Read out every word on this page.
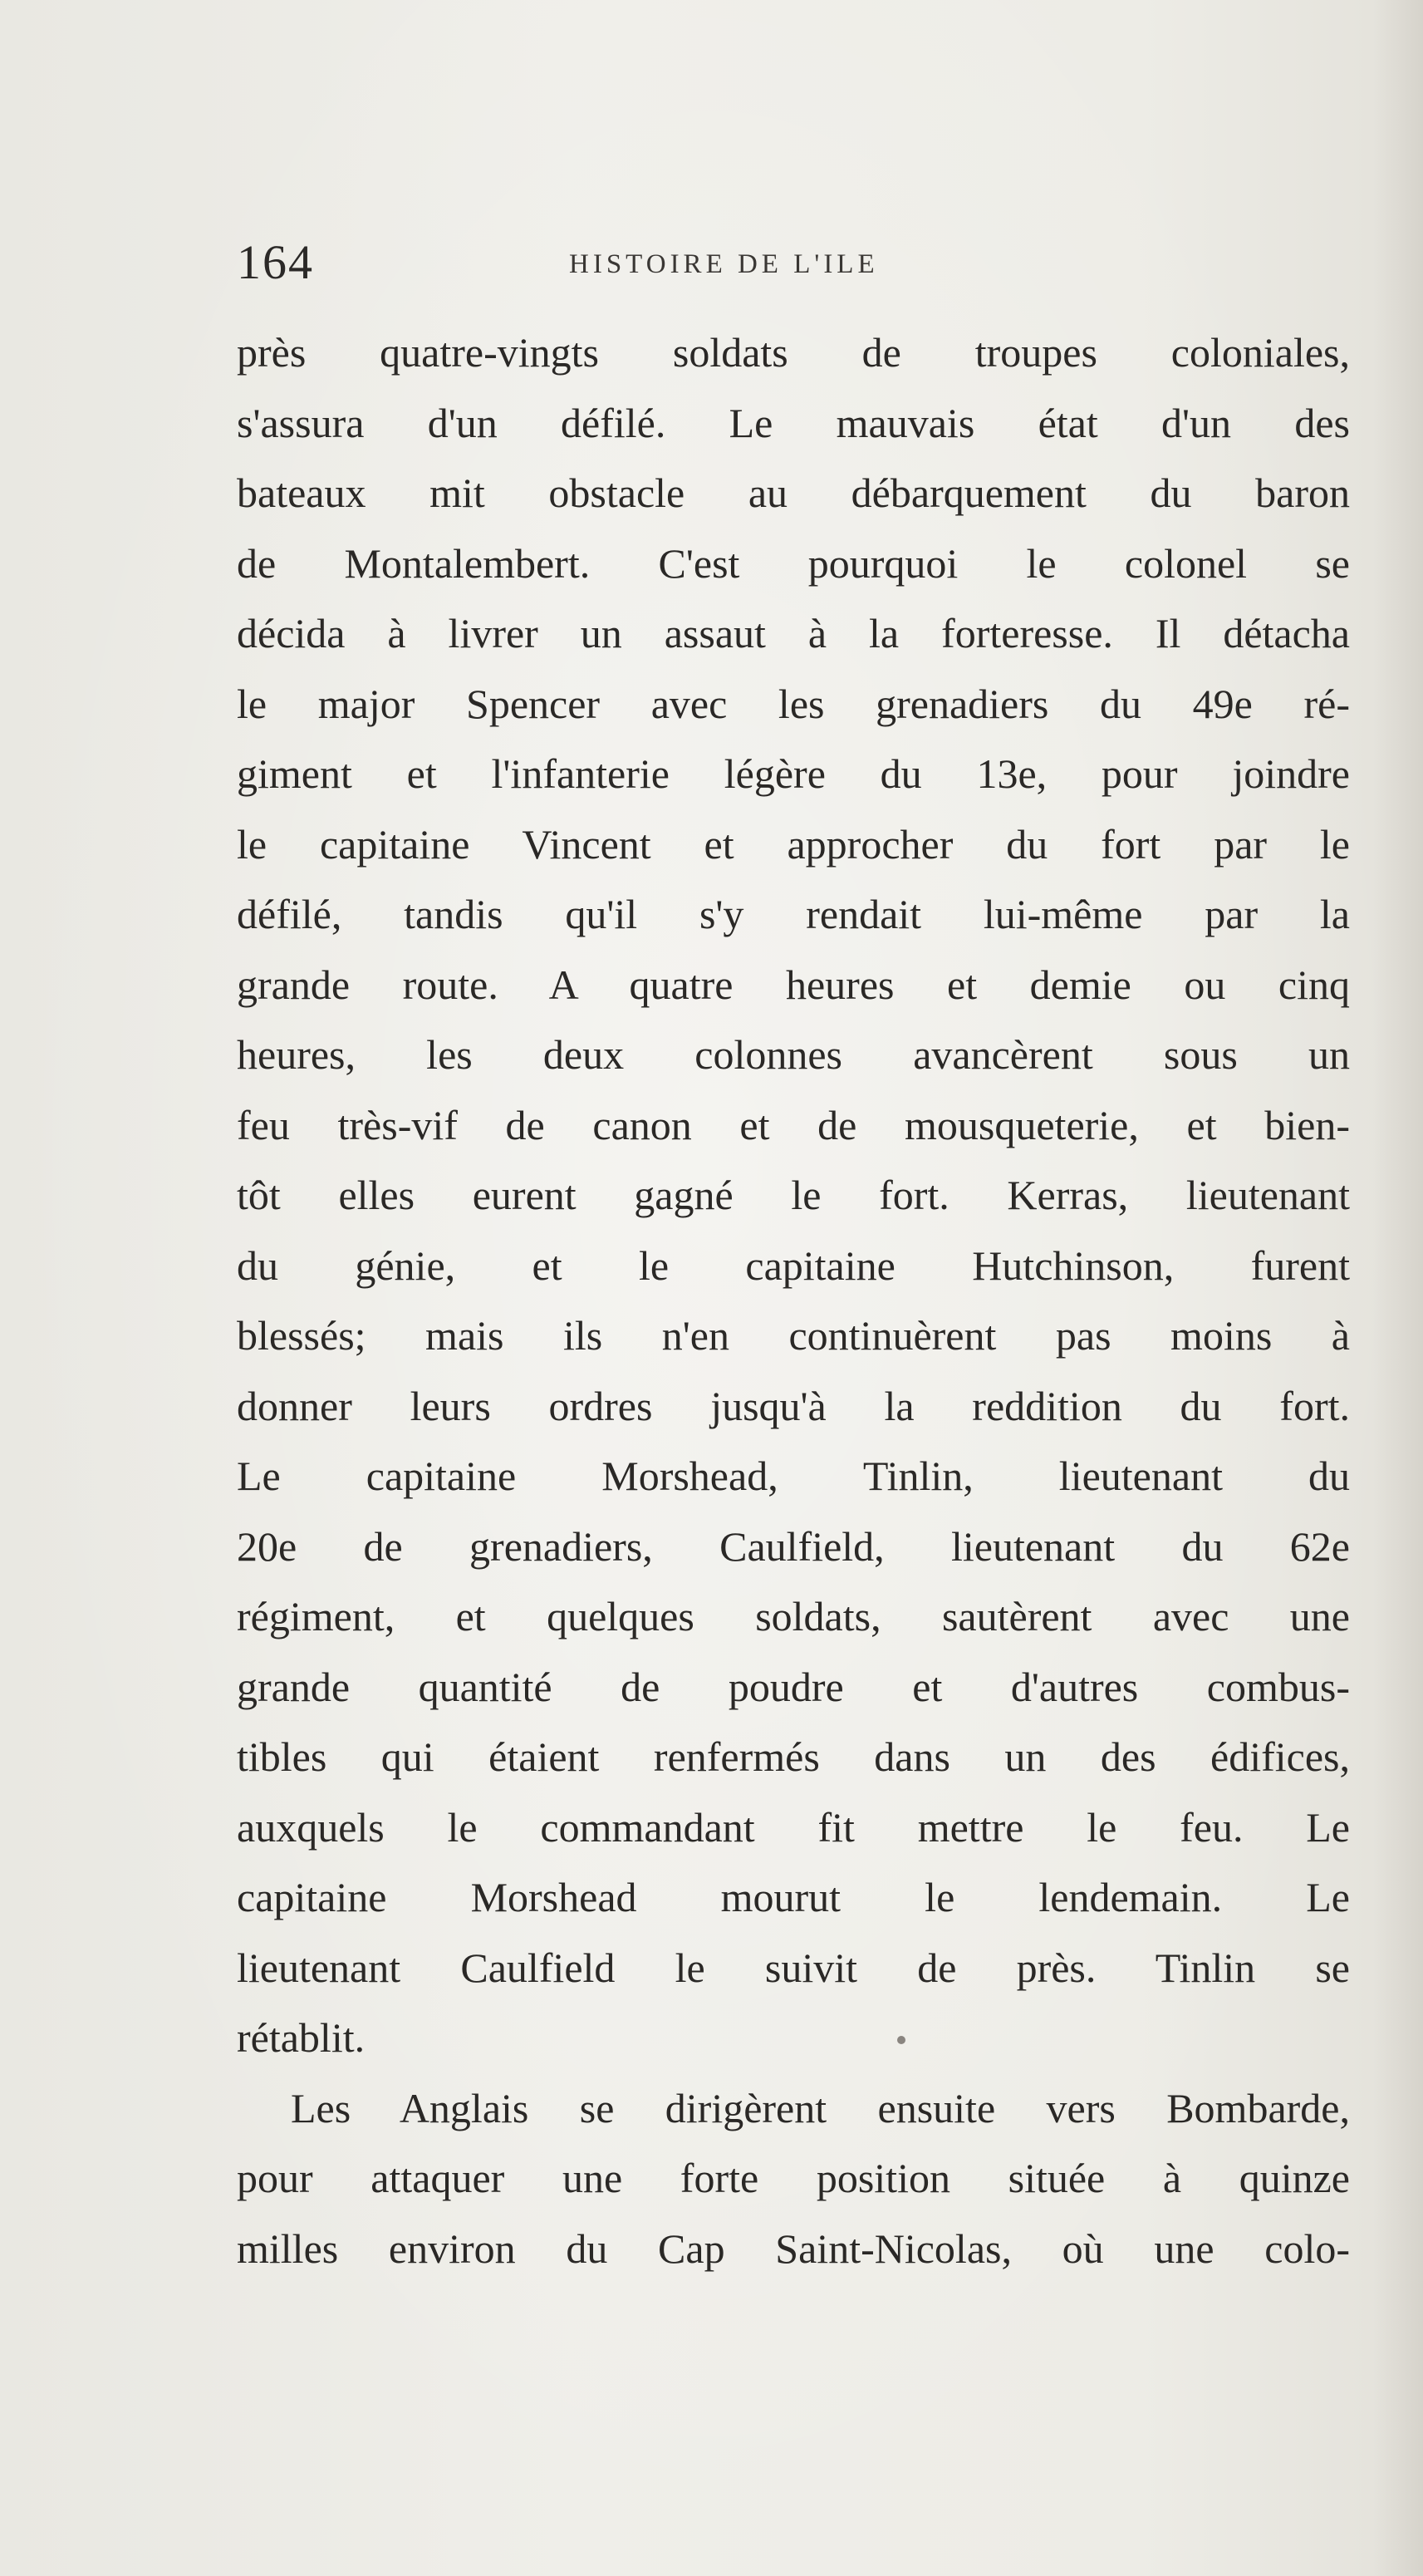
164	HISTOIRE DE L'ILE
près quatre-vingts soldats de troupes coloniales,
s'assura d'un défilé. Le mauvais état d'un des
bateaux mit obstacle au débarquement du baron
de Montalembert. C'est pourquoi le colonel se
décida à livrer un assaut à la forteresse. Il détacha
le major Spencer avec les grenadiers du 49e ré-
giment et l'infanterie légère du 13e, pour joindre
le capitaine Vincent et approcher du fort par le
défilé, tandis qu'il s'y rendait lui-même par la
grande route. A quatre heures et demie ou cinq
heures, les deux colonnes avancèrent sous un
feu très-vif de canon et de mousqueterie, et bien-
tôt elles eurent gagné le fort. Kerras, lieutenant
du génie, et le capitaine Hutchinson, furent
blessés; mais ils n'en continuèrent pas moins à
donner leurs ordres jusqu'à la reddition du fort.
Le capitaine Morshead, Tinlin, lieutenant du
20e de grenadiers, Caulfield, lieutenant du 62e
régiment, et quelques soldats, sautèrent avec une
grande quantité de poudre et d'autres combus-
tibles qui étaient renfermés dans un des édifices,
auxquels le commandant fit mettre le feu. Le
capitaine Morshead mourut le lendemain. Le
lieutenant Caulfield le suivit de près. Tinlin se
rétablit.
Les Anglais se dirigèrent ensuite vers Bombarde,
pour attaquer une forte position située à quinze
milles environ du Cap Saint-Nicolas, où une colo-
